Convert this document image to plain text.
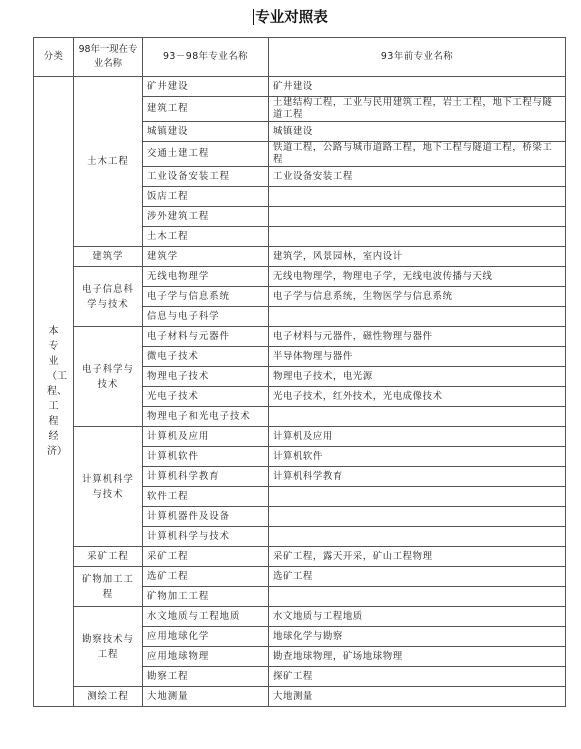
专业对照表
分类	98年一现在专业名称	93－98年专业名称	93年前专业名称
本专业（工程、工程经济）	土木工程	矿井建设	矿井建设
		建筑工程	土建结构工程，工业与民用建筑工程，岩土工程，地下工程与隧道工程
		城镇建设	城镇建设
		交通土建工程	铁道工程，公路与城市道路工程，地下工程与隧道工程，桥梁工程
		工业设备安装工程	工业设备安装工程
		饭店工程	
		涉外建筑工程	
		土木工程	
	建筑学	建筑学	建筑学，风景园林，室内设计
	电子信息科学与技术	无线电物理学	无线电物理学，物理电子学，无线电波传播与天线
		电子学与信息系统	电子学与信息系统，生物医学与信息系统
		信息与电子科学	
	电子科学与技术	电子材料与元器件	电子材料与元器件，磁性物理与器件
		微电子技术	半导体物理与器件
		物理电子技术	物理电子技术，电光源
		光电子技术	光电子技术，红外技术，光电成像技术
		物理电子和光电子技术	
	计算机科学与技术	计算机及应用	计算机及应用
		计算机软件	计算机软件
		计算机科学教育	计算机科学教育
		软件工程	
		计算机器件及设备	
		计算机科学与技术	
	采矿工程	采矿工程	采矿工程，露天开采，矿山工程物理
	矿物加工工程	选矿工程	选矿工程
		矿物加工工程	
	勘察技术与工程	水文地质与工程地质	水文地质与工程地质
		应用地球化学	地球化学与勘察
		应用地球物理	勘查地球物理，矿场地球物理
		勘察工程	探矿工程
	测绘工程	大地测量	大地测量
